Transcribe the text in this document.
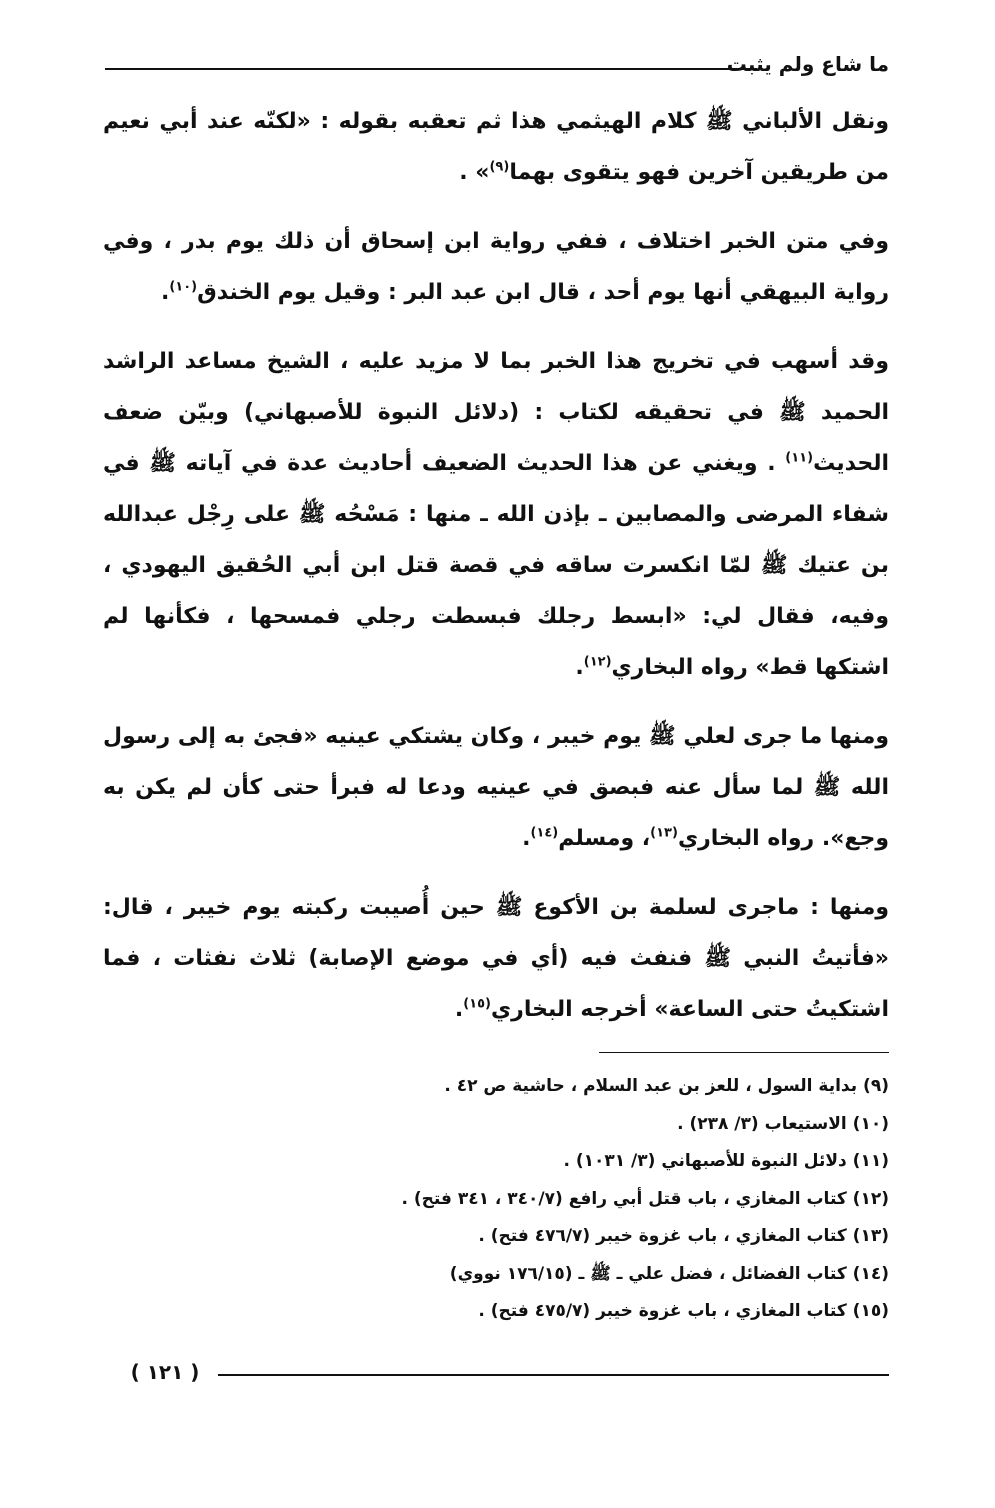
ما شاع ولم يثبت

ونقل الألباني ﷺ كلام الهيثمي هذا ثم تعقبه بقوله : «لكنّه عند أبي نعيم من طريقين آخرين فهو يتقوى بهما$^{(٩)}$» .

وفي متن الخبر اختلاف ، ففي رواية ابن إسحاق أن ذلك يوم بدر ، وفي رواية البيهقي أنها يوم أحد ، قال ابن عبد البر : وقيل يوم الخندق$^{(١٠)}$.

وقد أسهب في تخريج هذا الخبر بما لا مزيد عليه ، الشيخ مساعد الراشد الحميد ﷺ في تحقيقه لكتاب : (دلائل النبوة للأصبهاني) وبيّن ضعف الحديث$^{(١١)}$ . ويغني عن هذا الحديث الضعيف أحاديث عدة في آياته ﷺ في شفاء المرضى والمصابين ـ بإذن الله ـ منها : مَسْحُه ﷺ على رِجْل عبدالله بن عتيك ﷺ لمّا انكسرت ساقه في قصة قتل ابن أبي الحُقيق اليهودي ، وفيه، فقال لي: «ابسط رجلك فبسطت رجلي فمسحها ، فكأنها لم اشتكها قط» رواه البخاري$^{(١٢)}$.

ومنها ما جرى لعلي ﷺ يوم خيبر ، وكان يشتكي عينيه «فجئ به إلى رسول الله ﷺ لما سأل عنه فبصق في عينيه ودعا له فبرأ حتى كأن لم يكن به وجع». رواه البخاري$^{(١٣)}$، ومسلم$^{(١٤)}$.

ومنها : ماجرى لسلمة بن الأكوع ﷺ حين أُصيبت ركبته يوم خيبر ، قال: «فأتيتُ النبي ﷺ فنفث فيه (أي في موضع الإصابة) ثلاث نفثات ، فما اشتكيتُ حتى الساعة» أخرجه البخاري$^{(١٥)}$.

(٩) بداية السول ، للعز بن عبد السلام ، حاشية ص ٤٢ .

(١٠) الاستيعاب (٣/ ٢٣٨) .

(١١) دلائل النبوة للأصبهاني (٣/ ١٠٣١) .

(١٢) كتاب المغازي ، باب قتل أبي رافع (٣٤٠/٧ ، ٣٤١ فتح) .

(١٣) كتاب المغازي ، باب غزوة خيبر (٤٧٦/٧ فتح) .

(١٤) كتاب الفضائل ، فضل علي ـ ﷺ ـ (١٧٦/١٥ نووي)

(١٥) كتاب المغازي ، باب غزوة خيبر (٤٧٥/٧ فتح) .

( ١٢١ )
